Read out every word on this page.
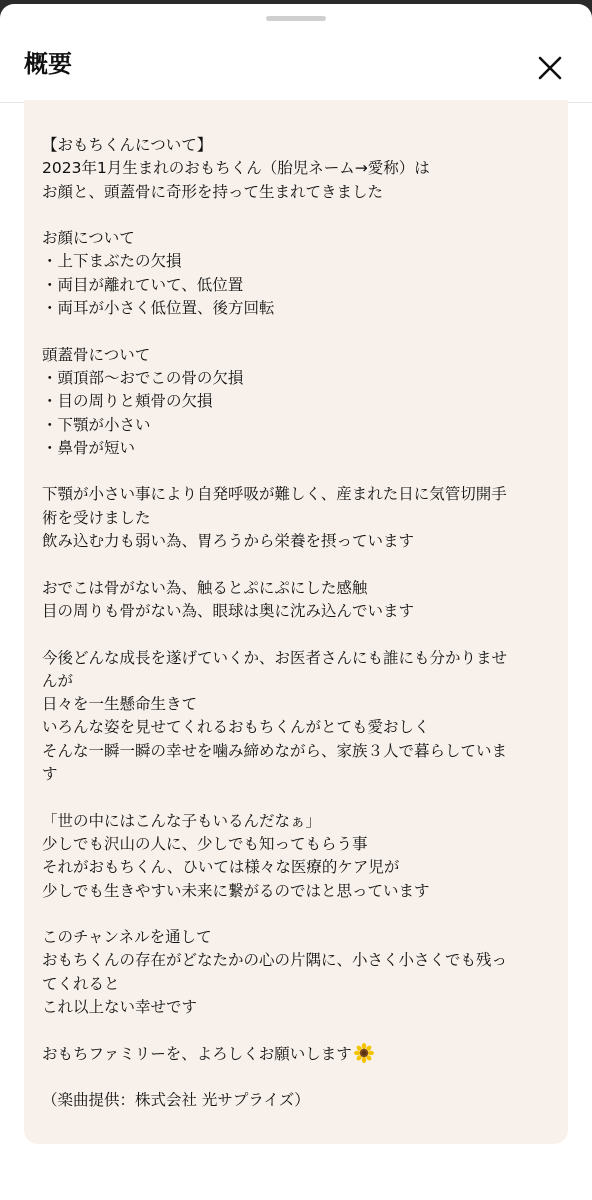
概要

【おもちくんについて】
2023年1月生まれのおもちくん（胎児ネーム→愛称）は
お顔と、頭蓋骨に奇形を持って生まれてきました

お顔について
・上下まぶたの欠損
・両目が離れていて、低位置
・両耳が小さく低位置、後方回転

頭蓋骨について
・頭頂部〜おでこの骨の欠損
・目の周りと頬骨の欠損
・下顎が小さい
・鼻骨が短い

下顎が小さい事により自発呼吸が難しく、産まれた日に気管切開手
術を受けました
飲み込む力も弱い為、胃ろうから栄養を摂っています

おでこは骨がない為、触るとぷにぷにした感触
目の周りも骨がない為、眼球は奥に沈み込んでいます

今後どんな成長を遂げていくか、お医者さんにも誰にも分かりませ
んが
日々を一生懸命生きて
いろんな姿を見せてくれるおもちくんがとても愛おしく
そんな一瞬一瞬の幸せを噛み締めながら、家族３人で暮らしていま
す

「世の中にはこんな子もいるんだなぁ」
少しでも沢山の人に、少しでも知ってもらう事
それがおもちくん、ひいては様々な医療的ケア児が
少しでも生きやすい未来に繋がるのではと思っています

このチャンネルを通して
おもちくんの存在がどなたかの心の片隅に、小さく小さくでも残っ
てくれると
これ以上ない幸せです

おもちファミリーを、よろしくお願いします

（楽曲提供：株式会社 光サプライズ）
